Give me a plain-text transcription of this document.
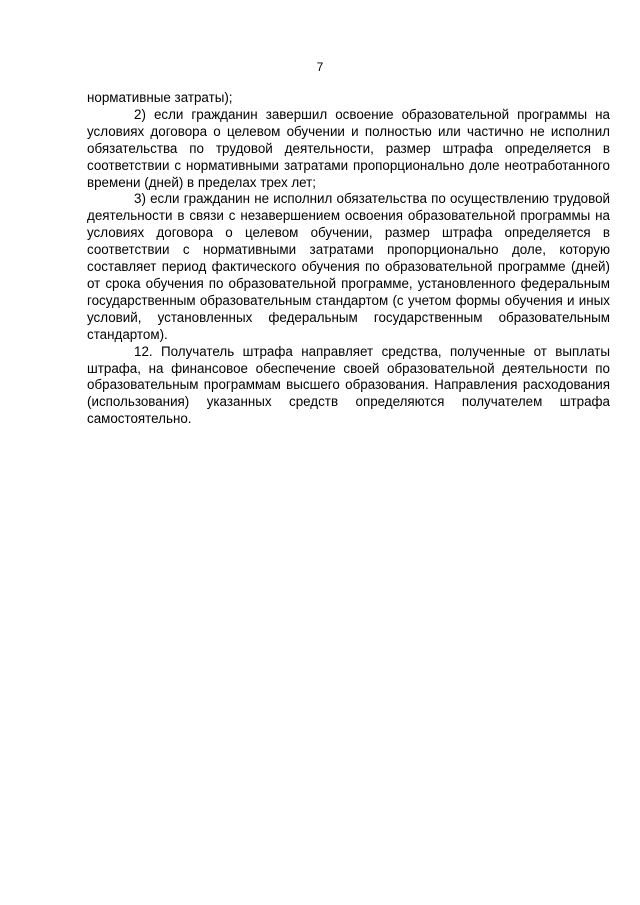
7

нормативные затраты);

2) если гражданин завершил освоение образовательной программы на условиях договора о целевом обучении и полностью или частично не исполнил обязательства по трудовой деятельности, размер штрафа определяется в соответствии с нормативными затратами пропорционально доле неотработанного времени (дней) в пределах трех лет;

3) если гражданин не исполнил обязательства по осуществлению трудовой деятельности в связи с незавершением освоения образовательной программы на условиях договора о целевом обучении, размер штрафа определяется в соответствии с нормативными затратами пропорционально доле, которую составляет период фактического обучения по образовательной программе (дней) от срока обучения по образовательной программе, установленного федеральным государственным образовательным стандартом (с учетом формы обучения и иных условий, установленных федеральным государственным образовательным стандартом).

12. Получатель штрафа направляет средства, полученные от выплаты штрафа, на финансовое обеспечение своей образовательной деятельности по образовательным программам высшего образования. Направления расходования (использования) указанных средств определяются получателем штрафа самостоятельно.
